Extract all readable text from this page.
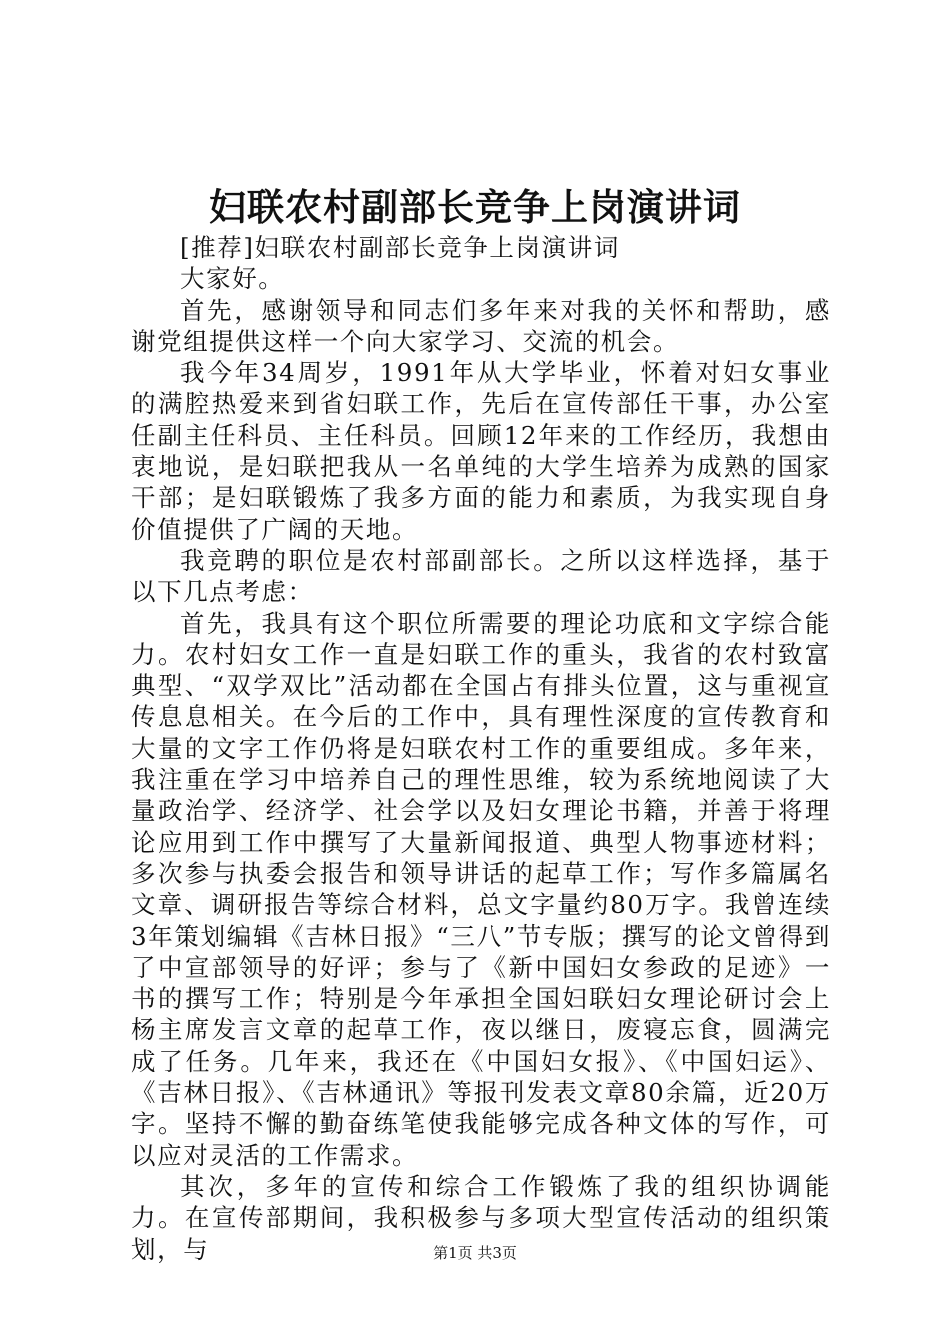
妇联农村副部长竞争上岗演讲词

[推荐]妇联农村副部长竞争上岗演讲词

大家好。

首先，感谢领导和同志们多年来对我的关怀和帮助，感谢党组提供这样一个向大家学习、交流的机会。

我今年34周岁，1991年从大学毕业，怀着对妇女事业的满腔热爱来到省妇联工作，先后在宣传部任干事，办公室任副主任科员、主任科员。回顾12年来的工作经历，我想由衷地说，是妇联把我从一名单纯的大学生培养为成熟的国家干部；是妇联锻炼了我多方面的能力和素质，为我实现自身价值提供了广阔的天地。

我竞聘的职位是农村部副部长。之所以这样选择，基于以下几点考虑：

首先，我具有这个职位所需要的理论功底和文字综合能力。农村妇女工作一直是妇联工作的重头，我省的农村致富典型、“双学双比”活动都在全国占有排头位置，这与重视宣传息息相关。在今后的工作中，具有理性深度的宣传教育和大量的文字工作仍将是妇联农村工作的重要组成。多年来，我注重在学习中培养自己的理性思维，较为系统地阅读了大量政治学、经济学、社会学以及妇女理论书籍，并善于将理论应用到工作中撰写了大量新闻报道、典型人物事迹材料；多次参与执委会报告和领导讲话的起草工作；写作多篇属名文章、调研报告等综合材料，总文字量约80万字。我曾连续3年策划编辑《吉林日报》“三八”节专版；撰写的论文曾得到了中宣部领导的好评；参与了《新中国妇女参政的足迹》一书的撰写工作；特别是今年承担全国妇联妇女理论研讨会上杨主席发言文章的起草工作，夜以继日，废寝忘食，圆满完成了任务。几年来，我还在《中国妇女报》、《中国妇运》、《吉林日报》、《吉林通讯》等报刊发表文章80余篇，近20万字。坚持不懈的勤奋练笔使我能够完成各种文体的写作，可以应对灵活的工作需求。

其次，多年的宣传和综合工作锻炼了我的组织协调能力。在宣传部期间，我积极参与多项大型宣传活动的组织策划，与	第1页 共3页
